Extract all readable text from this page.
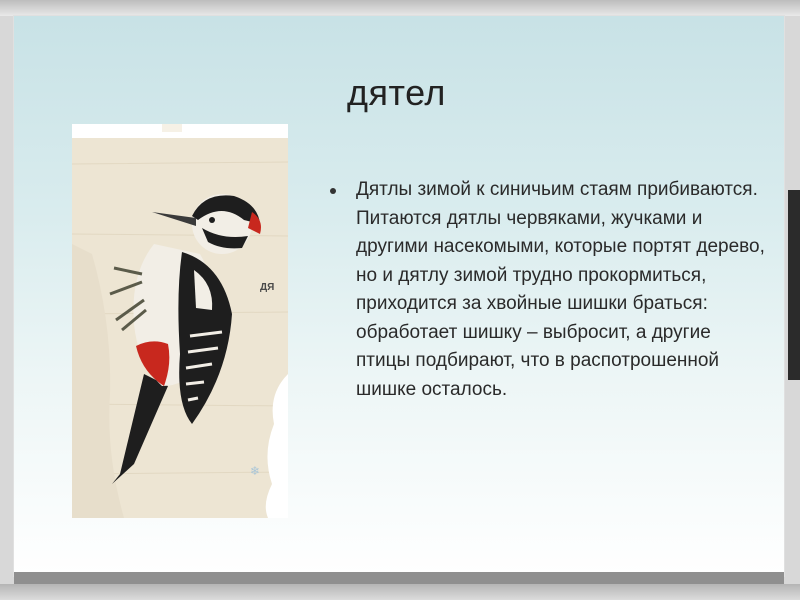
дятел
ДЯ
Дятлы зимой к синичьим стаям прибиваются. Питаются дятлы червяками, жучками и другими насекомыми, которые портят дерево, но и дятлу зимой трудно прокормиться, приходится за хвойные шишки браться: обработает шишку – выбросит, а другие птицы подбирают, что в распотрошенной шишке осталось.
❄
